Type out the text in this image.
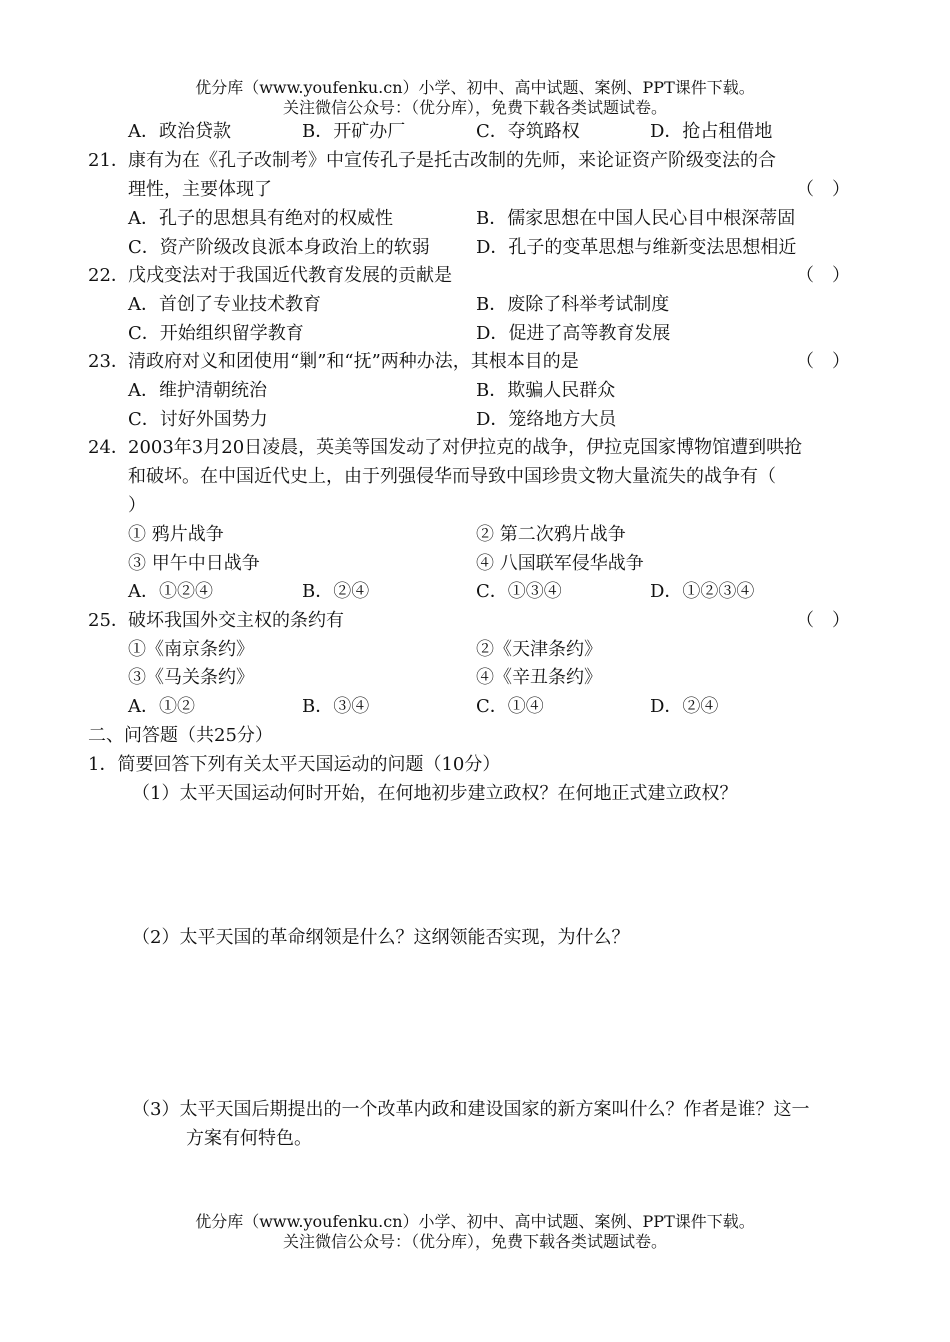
优分库（www.youfenku.cn）小学、初中、高中试题、案例、PPT课件下载。
关注微信公众号：（优分库），免费下载各类试题试卷。
A．政治贷款	B．开矿办厂	C．夺筑路权	D．抢占租借地
21． 康有为在《孔子改制考》中宣传孔子是托古改制的先师，来论证资产阶级变法的合
理性，主要体现了	（　）
A．孔子的思想具有绝对的权威性	B．儒家思想在中国人民心目中根深蒂固
C．资产阶级改良派本身政治上的软弱	D．孔子的变革思想与维新变法思想相近
22． 戊戌变法对于我国近代教育发展的贡献是	（　）
A．首创了专业技术教育	B．废除了科举考试制度
C．开始组织留学教育	D．促进了高等教育发展
23． 清政府对义和团使用“剿”和“抚”两种办法，其根本目的是	（　）
A．维护清朝统治	B．欺骗人民群众
C．讨好外国势力	D．笼络地方大员
24． 2003年3月20日凌晨，英美等国发动了对伊拉克的战争，伊拉克国家博物馆遭到哄抢
和破坏。在中国近代史上，由于列强侵华而导致中国珍贵文物大量流失的战争有（
）
① 鸦片战争	② 第二次鸦片战争
③ 甲午中日战争	④ 八国联军侵华战争
A．①②④	B．②④	C．①③④	D．①②③④
25． 破坏我国外交主权的条约有	（　）
①《南京条约》	②《天津条约》
③《马关条约》	④《辛丑条约》
A．①②	B．③④	C．①④	D．②④
二、问答题（共25分）
1．简要回答下列有关太平天国运动的问题（10分）
（1）太平天国运动何时开始，在何地初步建立政权？在何地正式建立政权？
（2）太平天国的革命纲领是什么？这纲领能否实现，为什么？
（3）太平天国后期提出的一个改革内政和建设国家的新方案叫什么？作者是谁？这一
方案有何特色。
优分库（www.youfenku.cn）小学、初中、高中试题、案例、PPT课件下载。
关注微信公众号：（优分库），免费下载各类试题试卷。
